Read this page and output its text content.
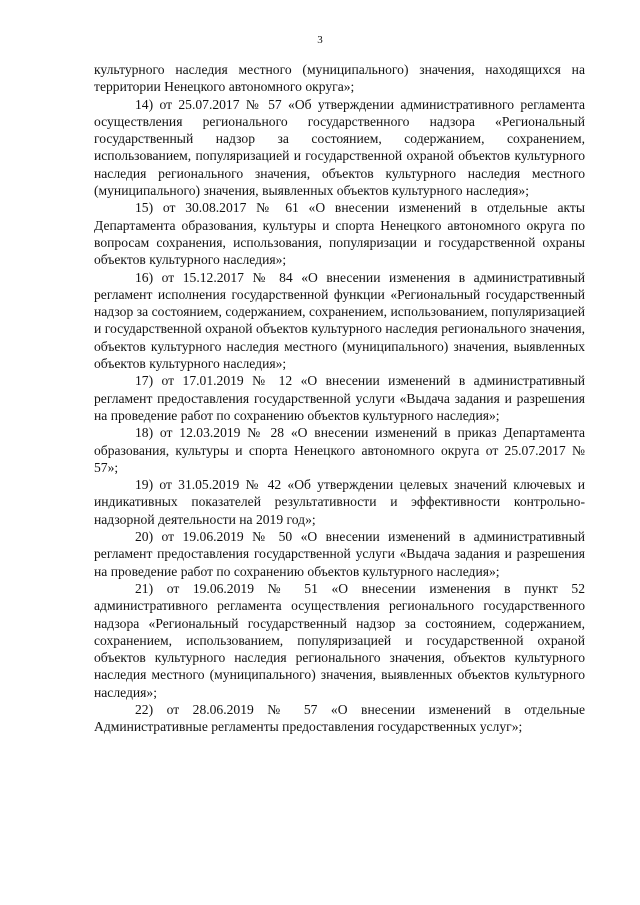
3

культурного наследия местного (муниципального) значения, находящихся на территории Ненецкого автономного округа»;

14) от 25.07.2017 № 57 «Об утверждении административного регламента осуществления регионального государственного надзора «Региональный государственный надзор за состоянием, содержанием, сохранением, использованием, популяризацией и государственной охраной объектов культурного наследия регионального значения, объектов культурного наследия местного (муниципального) значения, выявленных объектов культурного наследия»;

15) от 30.08.2017 № 61 «О внесении изменений в отдельные акты Департамента образования, культуры и спорта Ненецкого автономного округа по вопросам сохранения, использования, популяризации и государственной охраны объектов культурного наследия»;

16) от 15.12.2017 № 84 «О внесении изменения в административный регламент исполнения государственной функции «Региональный государственный надзор за состоянием, содержанием, сохранением, использованием, популяризацией и государственной охраной объектов культурного наследия регионального значения, объектов культурного наследия местного (муниципального) значения, выявленных объектов культурного наследия»;

17) от 17.01.2019 № 12 «О внесении изменений в административный регламент предоставления государственной услуги «Выдача задания и разрешения на проведение работ по сохранению объектов культурного наследия»;

18) от 12.03.2019 № 28 «О внесении изменений в приказ Департамента образования, культуры и спорта Ненецкого автономного округа от 25.07.2017 № 57»;

19) от 31.05.2019 № 42 «Об утверждении целевых значений ключевых и индикативных показателей результативности и эффективности контрольно-надзорной деятельности на 2019 год»;

20) от 19.06.2019 № 50 «О внесении изменений в административный регламент предоставления государственной услуги «Выдача задания и разрешения на проведение работ по сохранению объектов культурного наследия»;

21) от 19.06.2019 № 51 «О внесении изменения в пункт 52 административного регламента осуществления регионального государственного надзора «Региональный государственный надзор за состоянием, содержанием, сохранением, использованием, популяризацией и государственной охраной объектов культурного наследия регионального значения, объектов культурного наследия местного (муниципального) значения, выявленных объектов культурного наследия»;

22) от 28.06.2019 № 57 «О внесении изменений в отдельные Административные регламенты предоставления государственных услуг»;
